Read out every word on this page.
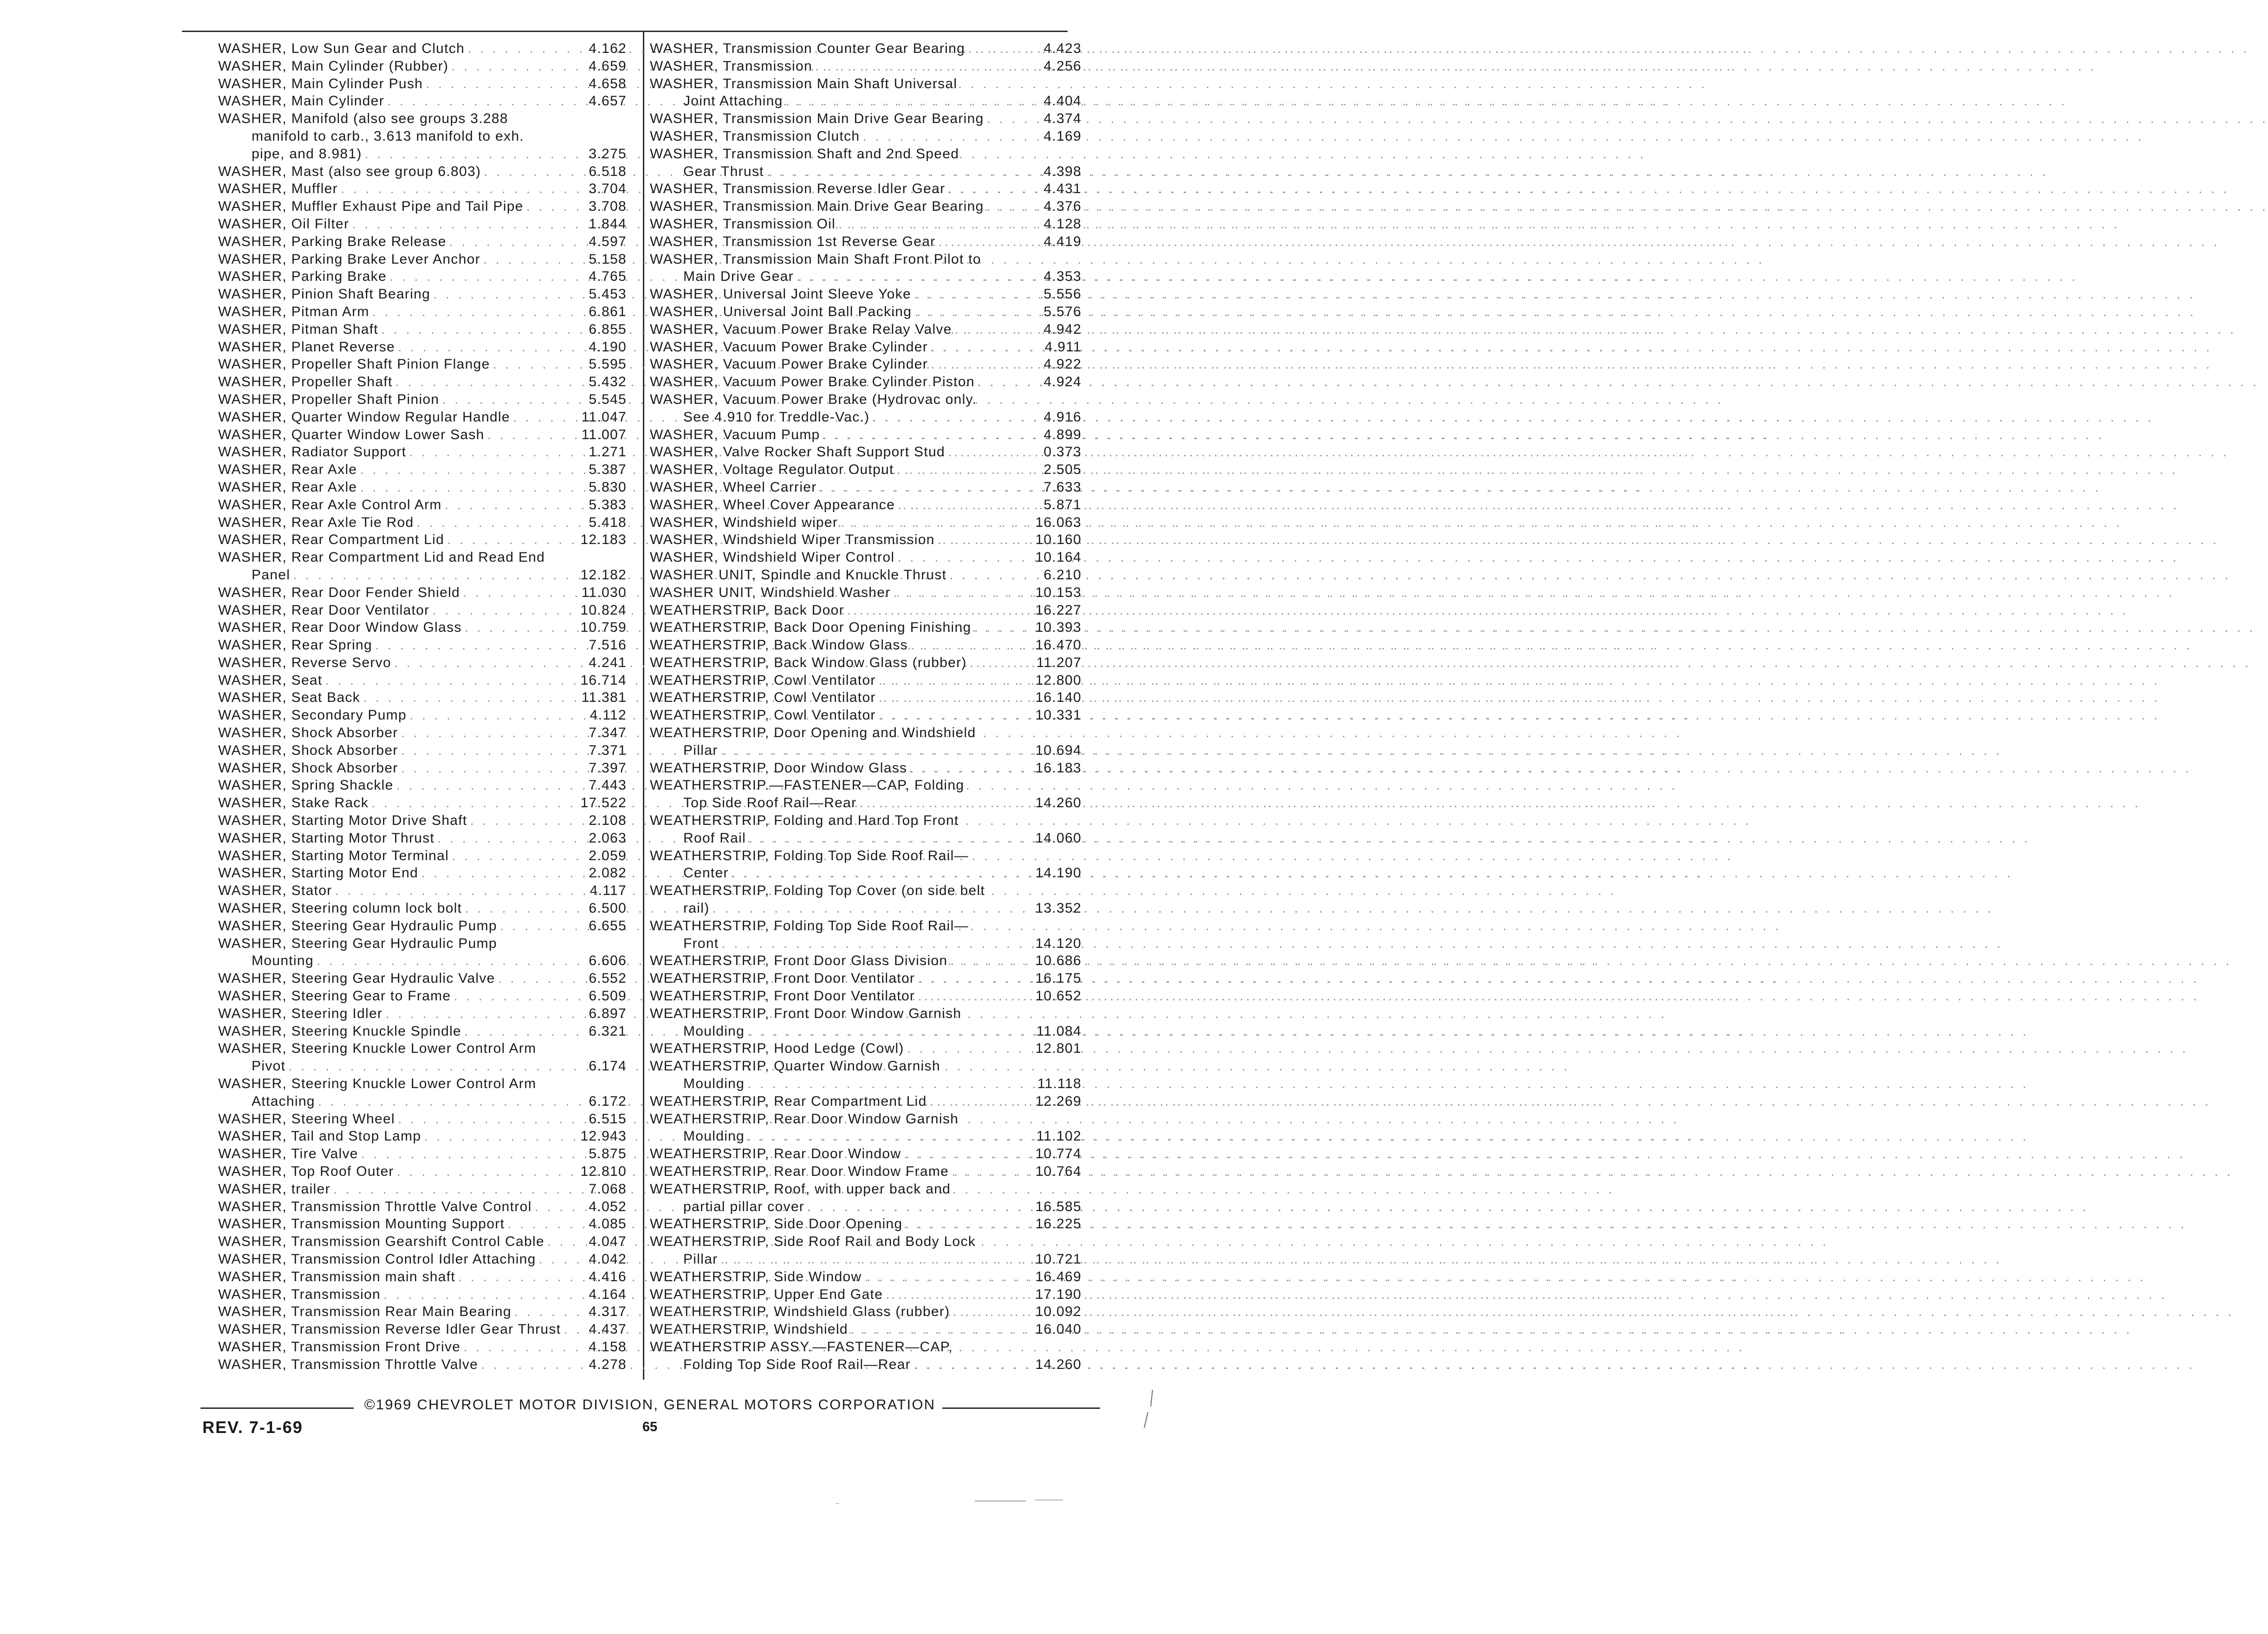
WASHER, Low Sun Gear and Clutch . . .	4.162
WASHER, Main Cylinder (Rubber) . . .	4.659
WASHER, Main Cylinder Push . . .	4.658
WASHER, Main Cylinder . . .	4.657
WASHER, Manifold (also see groups 3.288
manifold to carb., 3.613 manifold to exh.
pipe, and 8.981) . . .	3.275
WASHER, Mast (also see group 6.803) . . .	6.518
WASHER, Muffler . . .	3.704
WASHER, Muffler Exhaust Pipe and Tail Pipe . . .	3.708
WASHER, Oil Filter . . .	1.844
WASHER, Parking Brake Release . . .	4.597
WASHER, Parking Brake Lever Anchor . . .	5.158
WASHER, Parking Brake . . .	4.765
WASHER, Pinion Shaft Bearing . . .	5.453
WASHER, Pitman Arm . . .	6.861
WASHER, Pitman Shaft . . .	6.855
WASHER, Planet Reverse . . .	4.190
WASHER, Propeller Shaft Pinion Flange . . .	5.595
WASHER, Propeller Shaft . . .	5.432
WASHER, Propeller Shaft Pinion . . .	5.545
WASHER, Quarter Window Regular Handle . . .	11.047
WASHER, Quarter Window Lower Sash . . .	11.007
WASHER, Radiator Support . . .	1.271
WASHER, Rear Axle . . .	5.387
WASHER, Rear Axle . . .	5.830
WASHER, Rear Axle Control Arm . . .	5.383
WASHER, Rear Axle Tie Rod . . .	5.418
WASHER, Rear Compartment Lid . . .	12.183
WASHER, Rear Compartment Lid and Read End
Panel . . .	12.182
WASHER, Rear Door Fender Shield . . .	11.030
WASHER, Rear Door Ventilator . . .	10.824
WASHER, Rear Door Window Glass . . .	10.759
WASHER, Rear Spring . . .	7.516
WASHER, Reverse Servo . . .	4.241
WASHER, Seat . . .	16.714
WASHER, Seat Back . . .	11.381
WASHER, Secondary Pump . . .	4.112
WASHER, Shock Absorber . . .	7.347
WASHER, Shock Absorber . . .	7.371
WASHER, Shock Absorber . . .	7.397
WASHER, Spring Shackle . . .	7.443
WASHER, Stake Rack . . .	17.522
WASHER, Starting Motor Drive Shaft . . .	2.108
WASHER, Starting Motor Thrust . . .	2.063
WASHER, Starting Motor Terminal . . .	2.059
WASHER, Starting Motor End . . .	2.082
WASHER, Stator . . .	4.117
WASHER, Steering column lock bolt . . .	6.500
WASHER, Steering Gear Hydraulic Pump . . .	6.655
WASHER, Steering Gear Hydraulic Pump
Mounting . . .	6.606
WASHER, Steering Gear Hydraulic Valve . . .	6.552
WASHER, Steering Gear to Frame . . .	6.509
WASHER, Steering Idler . . .	6.897
WASHER, Steering Knuckle Spindle . . .	6.321
WASHER, Steering Knuckle Lower Control Arm
Pivot . . .	6.174
WASHER, Steering Knuckle Lower Control Arm
Attaching . . .	6.172
WASHER, Steering Wheel . . .	6.515
WASHER, Tail and Stop Lamp . . .	12.943
WASHER, Tire Valve . . .	5.875
WASHER, Top Roof Outer . . .	12.810
WASHER, trailer . . .	7.068
WASHER, Transmission Throttle Valve Control . . .	4.052
WASHER, Transmission Mounting Support . . .	4.085
WASHER, Transmission Gearshift Control Cable . . .	4.047
WASHER, Transmission Control Idler Attaching . . .	4.042
WASHER, Transmission main shaft . . .	4.416
WASHER, Transmission . . .	4.164
WASHER, Transmission Rear Main Bearing . . .	4.317
WASHER, Transmission Reverse Idler Gear Thrust . . . 4.437
WASHER, Transmission Front Drive . . .	4.158
WASHER, Transmission Throttle Valve . . .	4.278
WASHER, Transmission Counter Gear Bearing . . .	4.423
WASHER, Transmission . . .	4.256
WASHER, Transmission Main Shaft Universal
Joint Attaching . . .	4.404
WASHER, Transmission Main Drive Gear Bearing . . .	4.374
WASHER, Transmission Clutch . . .	4.169
WASHER, Transmission Shaft and 2nd Speed
Gear Thrust . . .	4.398
WASHER, Transmission Reverse Idler Gear . . .	4.431
WASHER, Transmission Main Drive Gear Bearing . . .	4.376
WASHER, Transmission Oil . . .	4.128
WASHER, Transmission 1st Reverse Gear . . .	4.419
WASHER, Transmission Main Shaft Front Pilot to
Main Drive Gear . . .	4.353
WASHER, Universal Joint Sleeve Yoke . . .	5.556
WASHER, Universal Joint Ball Packing . . .	5.576
WASHER, Vacuum Power Brake Relay Valve . . .	4.942
WASHER, Vacuum Power Brake Cylinder . . .	4.911
WASHER, Vacuum Power Brake Cylinder . . .	4.922
WASHER, Vacuum Power Brake Cylinder Piston . . .	4.924
WASHER, Vacuum Power Brake (Hydrovac only.
See 4.910 for Treddle-Vac.) . . .	4.916
WASHER, Vacuum Pump . . .	4.899
WASHER, Valve Rocker Shaft Support Stud . . .	0.373
WASHER, Voltage Regulator Output . . .	2.505
WASHER, Wheel Carrier . . .	7.633
WASHER, Wheel Cover Appearance . . .	5.871
WASHER, Windshield wiper . . .	16.063
WASHER, Windshield Wiper Transmission . . .	10.160
WASHER, Windshield Wiper Control . . .	10.164
WASHER UNIT, Spindle and Knuckle Thrust . . .	6.210
WASHER UNIT, Windshield Washer . . .	10.153
WEATHERSTRIP, Back Door . . .	16.227
WEATHERSTRIP, Back Door Opening Finishing . . .	10.393
WEATHERSTRIP, Back Window Glass . . .	16.470
WEATHERSTRIP, Back Window Glass (rubber) . . .	11.207
WEATHERSTRIP, Cowl Ventilator . . .	12.800
WEATHERSTRIP, Cowl Ventilator . . .	16.140
WEATHERSTRIP, Cowl Ventilator . . .	10.331
WEATHERSTRIP, Door Opening and Windshield
Pillar . . .	10.694
WEATHERSTRIP, Door Window Glass . . .	16.183
WEATHERSTRIP.—FASTENER—CAP, Folding
Top Side Roof Rail—Rear . . .	14.260
WEATHERSTRIP, Folding and Hard Top Front
Roof Rail . . .	14.060
WEATHERSTRIP, Folding Top Side Roof Rail—
Center . . .	14.190
WEATHERSTRIP, Folding Top Cover (on side belt
rail) . . .	13.352
WEATHERSTRIP, Folding Top Side Roof Rail—
Front . . .	14.120
WEATHERSTRIP, Front Door Glass Division . . .	10.686
WEATHERSTRIP, Front Door Ventilator . . .	16.175
WEATHERSTRIP, Front Door Ventilator . . .	10.652
WEATHERSTRIP, Front Door Window Garnish
Moulding . . .	11.084
WEATHERSTRIP, Hood Ledge (Cowl) . . .	12.801
WEATHERSTRIP, Quarter Window Garnish
Moulding . . .	11.118
WEATHERSTRIP, Rear Compartment Lid . . .	12.269
WEATHERSTRIP, Rear Door Window Garnish
Moulding . . .	11.102
WEATHERSTRIP, Rear Door Window . . .	10.774
WEATHERSTRIP, Rear Door Window Frame . . .	10.764
WEATHERSTRIP, Roof, with upper back and
partial pillar cover . . .	16.585
WEATHERSTRIP, Side Door Opening . . .	16.225
WEATHERSTRIP, Side Roof Rail and Body Lock
Pillar . . .	10.721
WEATHERSTRIP, Side Window . . .	16.469
WEATHERSTRIP, Upper End Gate . . .	17.190
WEATHERSTRIP, Windshield Glass (rubber) . . .	10.092
WEATHERSTRIP, Windshield . . .	16.040
WEATHERSTRIP ASSY.—FASTENER—CAP,
Folding Top Side Roof Rail—Rear . . .	14.260
©1969 CHEVROLET MOTOR DIVISION, GENERAL MOTORS CORPORATION
REV. 7-1-69	65
